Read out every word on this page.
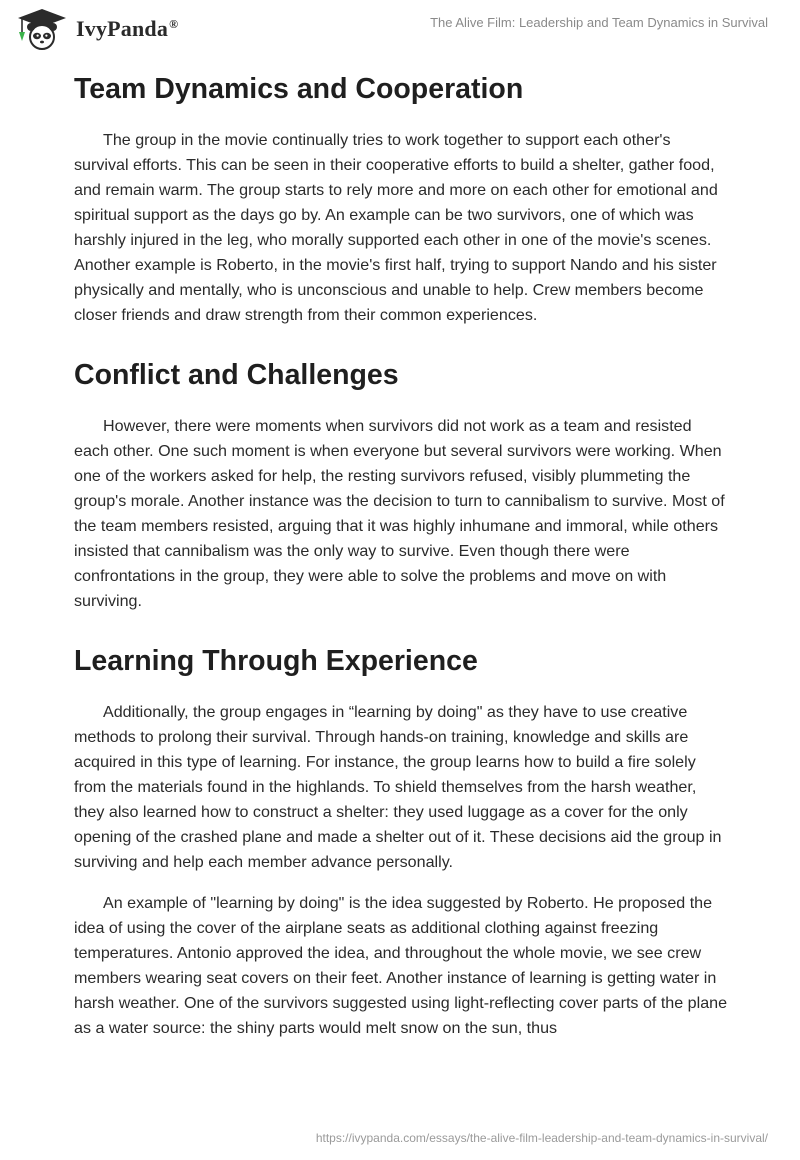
IvyPanda®	The Alive Film: Leadership and Team Dynamics in Survival
Team Dynamics and Cooperation

The group in the movie continually tries to work together to support each other's survival efforts. This can be seen in their cooperative efforts to build a shelter, gather food, and remain warm. The group starts to rely more and more on each other for emotional and spiritual support as the days go by. An example can be two survivors, one of which was harshly injured in the leg, who morally supported each other in one of the movie's scenes. Another example is Roberto, in the movie's first half, trying to support Nando and his sister physically and mentally, who is unconscious and unable to help. Crew members become closer friends and draw strength from their common experiences.

Conflict and Challenges

However, there were moments when survivors did not work as a team and resisted each other. One such moment is when everyone but several survivors were working. When one of the workers asked for help, the resting survivors refused, visibly plummeting the group's morale. Another instance was the decision to turn to cannibalism to survive. Most of the team members resisted, arguing that it was highly inhumane and immoral, while others insisted that cannibalism was the only way to survive. Even though there were confrontations in the group, they were able to solve the problems and move on with surviving.

Learning Through Experience

Additionally, the group engages in “learning by doing" as they have to use creative methods to prolong their survival. Through hands-on training, knowledge and skills are acquired in this type of learning. For instance, the group learns how to build a fire solely from the materials found in the highlands. To shield themselves from the harsh weather, they also learned how to construct a shelter: they used luggage as a cover for the only opening of the crashed plane and made a shelter out of it. These decisions aid the group in surviving and help each member advance personally.

An example of "learning by doing" is the idea suggested by Roberto. He proposed the idea of using the cover of the airplane seats as additional clothing against freezing temperatures. Antonio approved the idea, and throughout the whole movie, we see crew members wearing seat covers on their feet. Another instance of learning is getting water in harsh weather. One of the survivors suggested using light-reflecting cover parts of the plane as a water source: the shiny parts would melt snow on the sun, thus

https://ivypanda.com/essays/the-alive-film-leadership-and-team-dynamics-in-survival/
